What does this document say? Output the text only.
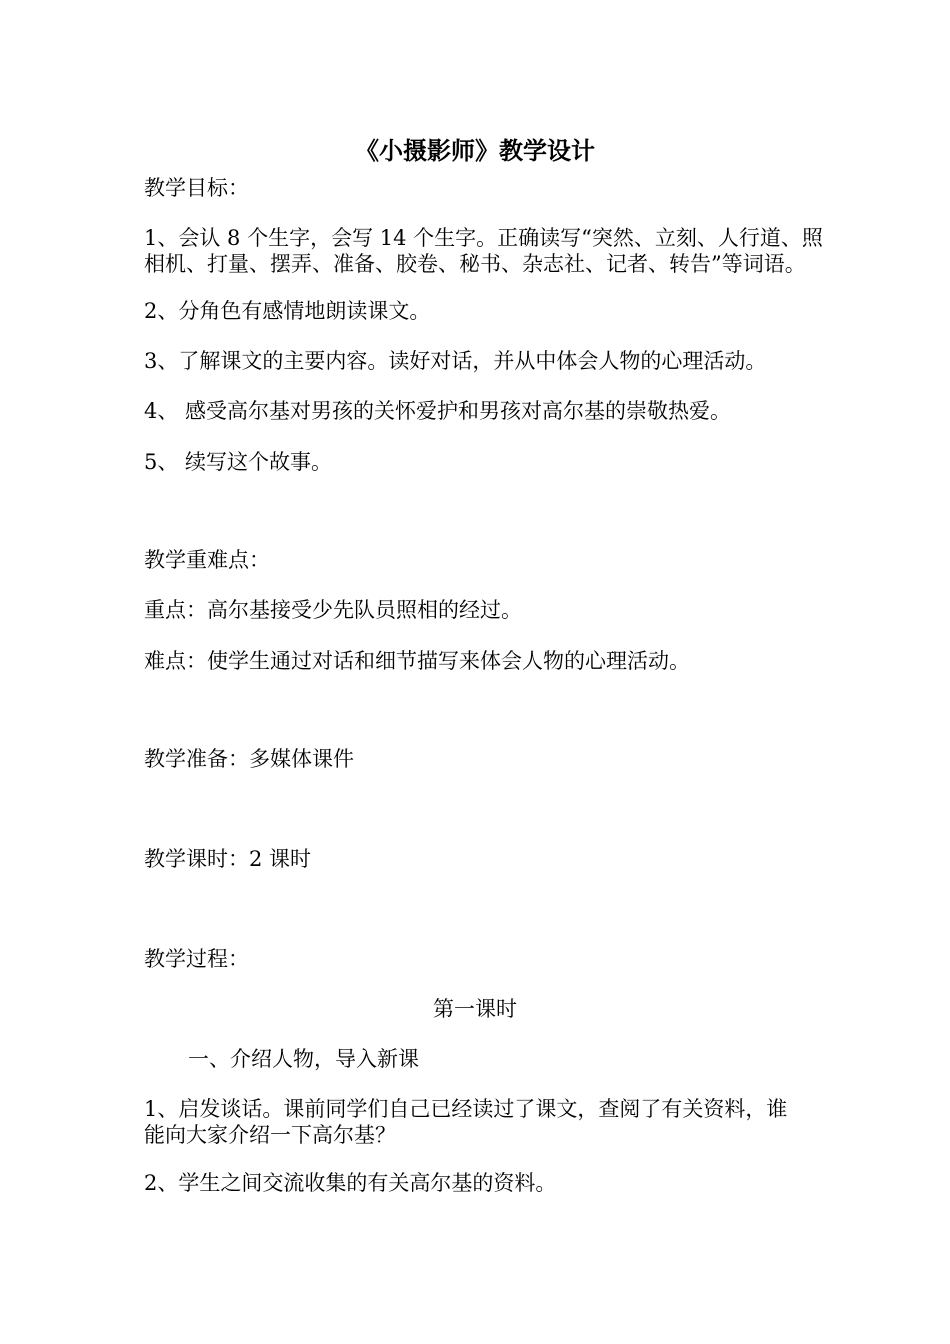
《小摄影师》教学设计
教学目标：
1、会认 8 个生字，会写 14 个生字。正确读写“突然、立刻、人行道、照
相机、打量、摆弄、准备、胶卷、秘书、杂志社、记者、转告”等词语。
2、分角色有感情地朗读课文。
3、了解课文的主要内容。读好对话，并从中体会人物的心理活动。
4、 感受高尔基对男孩的关怀爱护和男孩对高尔基的崇敬热爱。
5、 续写这个故事。
教学重难点：
重点：高尔基接受少先队员照相的经过。
难点：使学生通过对话和细节描写来体会人物的心理活动。
教学准备：多媒体课件
教学课时：2 课时
教学过程：
第一课时
一、介绍人物，导入新课
1、启发谈话。课前同学们自己已经读过了课文，查阅了有关资料，谁
能向大家介绍一下高尔基？
2、学生之间交流收集的有关高尔基的资料。
